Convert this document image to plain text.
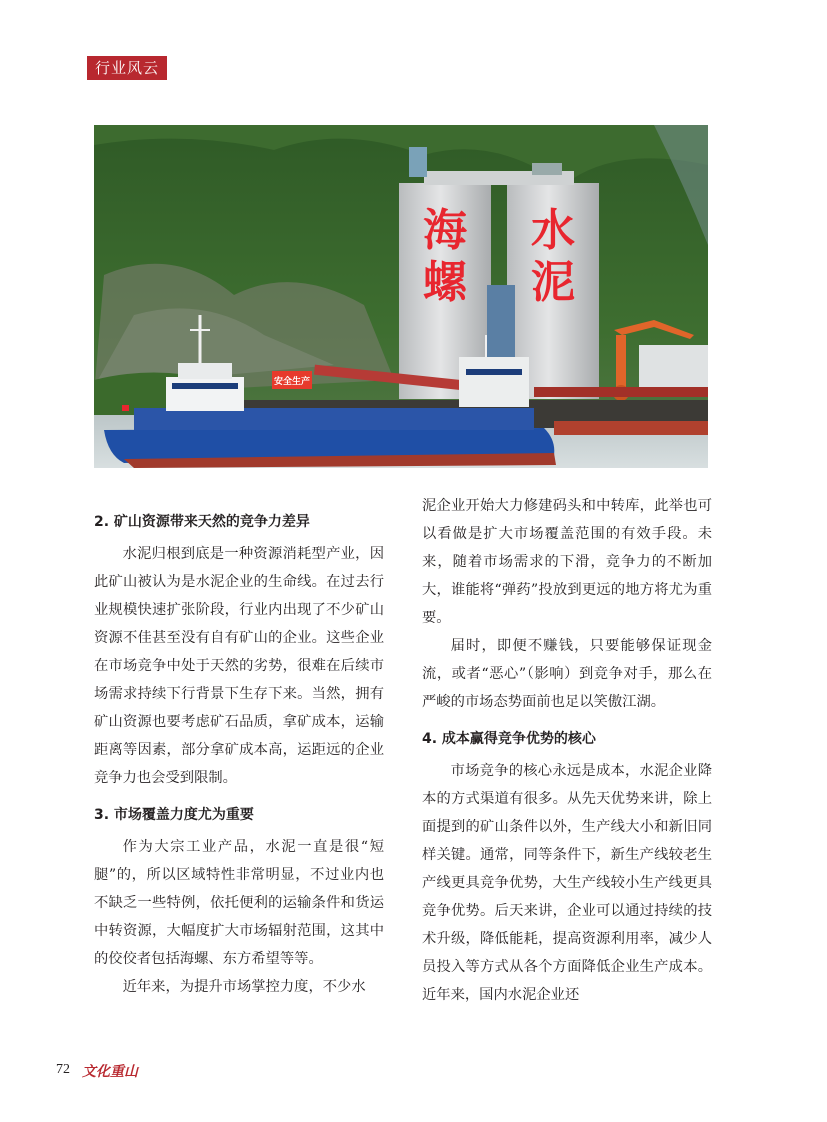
行业风云
海
螺
水
泥
安全生产
2. 矿山资源带来天然的竞争力差异

水泥归根到底是一种资源消耗型产业，因此矿山被认为是水泥企业的生命线。在过去行业规模快速扩张阶段，行业内出现了不少矿山资源不佳甚至没有自有矿山的企业。这些企业在市场竞争中处于天然的劣势，很难在后续市场需求持续下行背景下生存下来。当然，拥有矿山资源也要考虑矿石品质，拿矿成本，运输距离等因素，部分拿矿成本高，运距远的企业竞争力也会受到限制。

3. 市场覆盖力度尤为重要

作为大宗工业产品，水泥一直是很“短腿”的，所以区域特性非常明显，不过业内也不缺乏一些特例，依托便利的运输条件和货运中转资源，大幅度扩大市场辐射范围，这其中的佼佼者包括海螺、东方希望等等。

近年来，为提升市场掌控力度，不少水

泥企业开始大力修建码头和中转库，此举也可以看做是扩大市场覆盖范围的有效手段。未来，随着市场需求的下滑，竞争力的不断加大，谁能将“弹药”投放到更远的地方将尤为重要。

届时，即便不赚钱，只要能够保证现金流，或者“恶心”（影响）到竞争对手，那么在严峻的市场态势面前也足以笑傲江湖。

4. 成本赢得竞争优势的核心

市场竞争的核心永远是成本，水泥企业降本的方式渠道有很多。从先天优势来讲，除上面提到的矿山条件以外，生产线大小和新旧同样关键。通常，同等条件下，新生产线较老生产线更具竞争优势，大生产线较小生产线更具竞争优势。后天来讲，企业可以通过持续的技术升级，降低能耗，提高资源利用率，减少人员投入等方式从各个方面降低企业生产成本。近年来，国内水泥企业还

72 文化重山
